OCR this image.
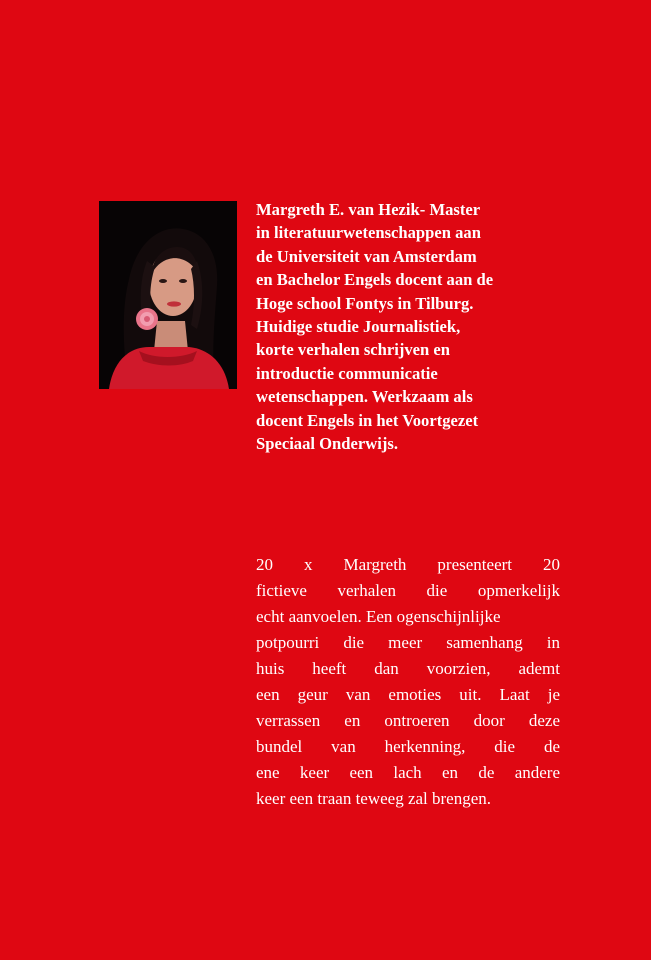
Margreth E. van Hezik- Master
in literatuurwetenschappen aan
de Universiteit van Amsterdam
en Bachelor Engels docent aan de
Hoge school Fontys in Tilburg.
Huidige studie Journalistiek,
korte verhalen schrijven en
introductie communicatie
wetenschappen. Werkzaam als
docent Engels in het Voortgezet
Speciaal Onderwijs.

20 x Margreth presenteert 20
fictieve verhalen die opmerkelijk
echt aanvoelen. Een ogenschijnlijke
potpourri die meer samenhang in
huis heeft dan voorzien, ademt
een geur van emoties uit. Laat je
verrassen en ontroeren door deze
bundel van herkenning, die de
ene keer een lach en de andere
keer een traan teweeg zal brengen.
